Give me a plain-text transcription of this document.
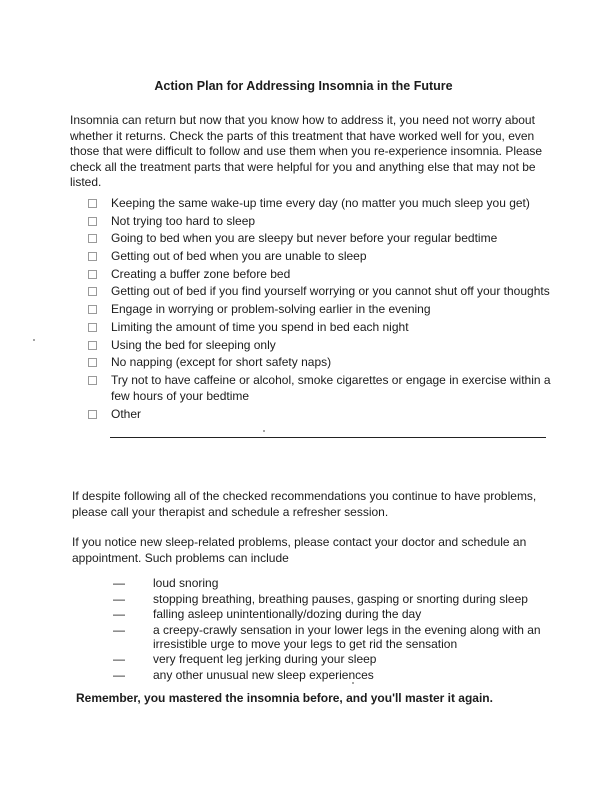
Action Plan for Addressing Insomnia in the Future
Insomnia can return but now that you know how to address it, you need not worry about whether it returns. Check the parts of this treatment that have worked well for you, even those that were difficult to follow and use them when you re-experience insomnia. Please check all the treatment parts that were helpful for you and anything else that may not be listed.
Keeping the same wake-up time every day (no matter you much sleep you get)
Not trying too hard to sleep
Going to bed when you are sleepy but never before your regular bedtime
Getting out of bed when you are unable to sleep
Creating a buffer zone before bed
Getting out of bed if you find yourself worrying or you cannot shut off your thoughts
Engage in worrying or problem-solving earlier in the evening
Limiting the amount of time you spend in bed each night
Using the bed for sleeping only
No napping (except for short safety naps)
Try not to have caffeine or alcohol, smoke cigarettes or engage in exercise within a few hours of your bedtime
Other
If despite following all of the checked recommendations you continue to have problems, please call your therapist and schedule a refresher session.
If you notice new sleep-related problems, please contact your doctor and schedule an appointment. Such problems can include
—	loud snoring
—	stopping breathing, breathing pauses, gasping or snorting during sleep
—	falling asleep unintentionally/dozing during the day
—	a creepy-crawly sensation in your lower legs in the evening along with an irresistible urge to move your legs to get rid the sensation
—	very frequent leg jerking during your sleep
—	any other unusual new sleep experiences
Remember, you mastered the insomnia before, and you'll master it again.
